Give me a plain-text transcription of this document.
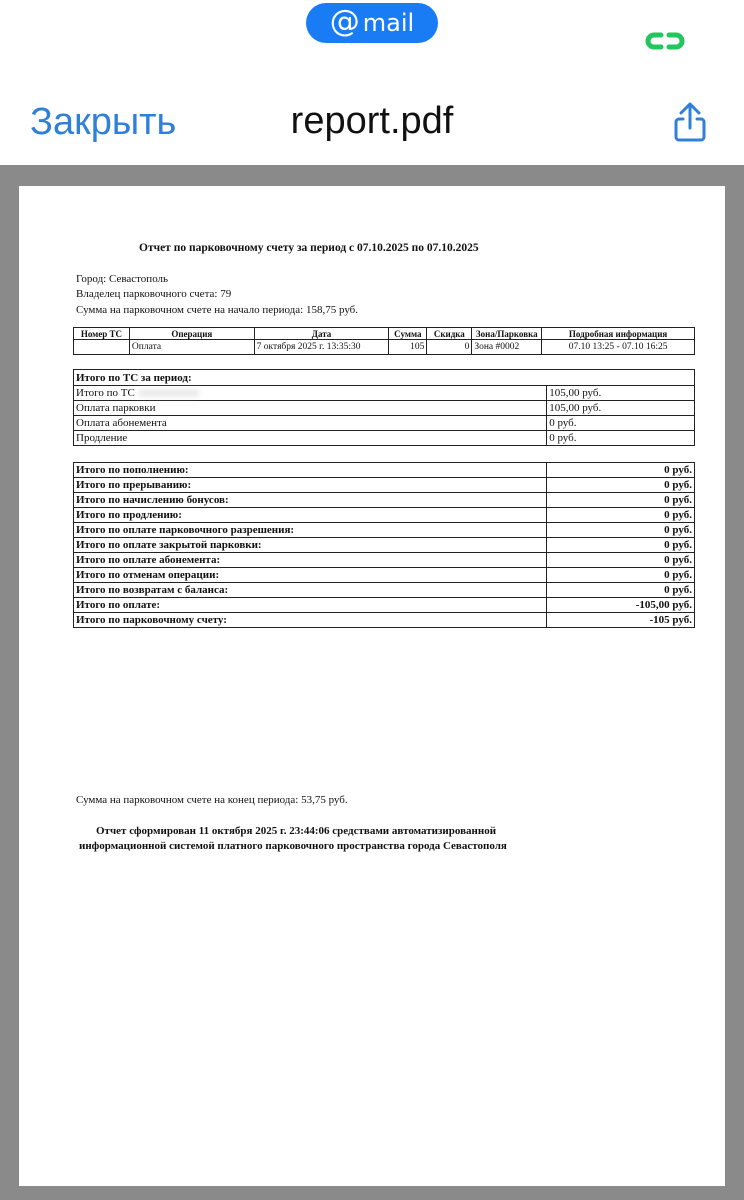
@ mail
Закрыть	report.pdf
Отчет по парковочному счету за период с 07.10.2025 по 07.10.2025
Город: Севастополь
Владелец парковочного счета: 79
Сумма на парковочном счете на начало периода: 158,75 руб.
Номер ТС	Операция	Дата	Сумма	Скидка	Зона/Парковка	Подробная информация
	Оплата	7 октября 2025 г. 13:35:30	105	0	Зона #0002	07.10 13:25 - 07.10 16:25
Итого по ТС за период:	
Итого по ТС	105,00 руб.
Оплата парковки	105,00 руб.
Оплата абонемента	0 руб.
Продление	0 руб.
Итого по пополнению:	0 руб.
Итого по прерыванию:	0 руб.
Итого по начислению бонусов:	0 руб.
Итого по продлению:	0 руб.
Итого по оплате парковочного разрешения:	0 руб.
Итого по оплате закрытой парковки:	0 руб.
Итого по оплате абонемента:	0 руб.
Итого по отменам операции:	0 руб.
Итого по возвратам с баланса:	0 руб.
Итого по оплате:	-105,00 руб.
Итого по парковочному счету:	-105 руб.
Сумма на парковочном счете на конец периода: 53,75 руб.
Отчет сформирован 11 октября 2025 г. 23:44:06 средствами автоматизированной
информационной системой платного парковочного пространства города Севастополя
